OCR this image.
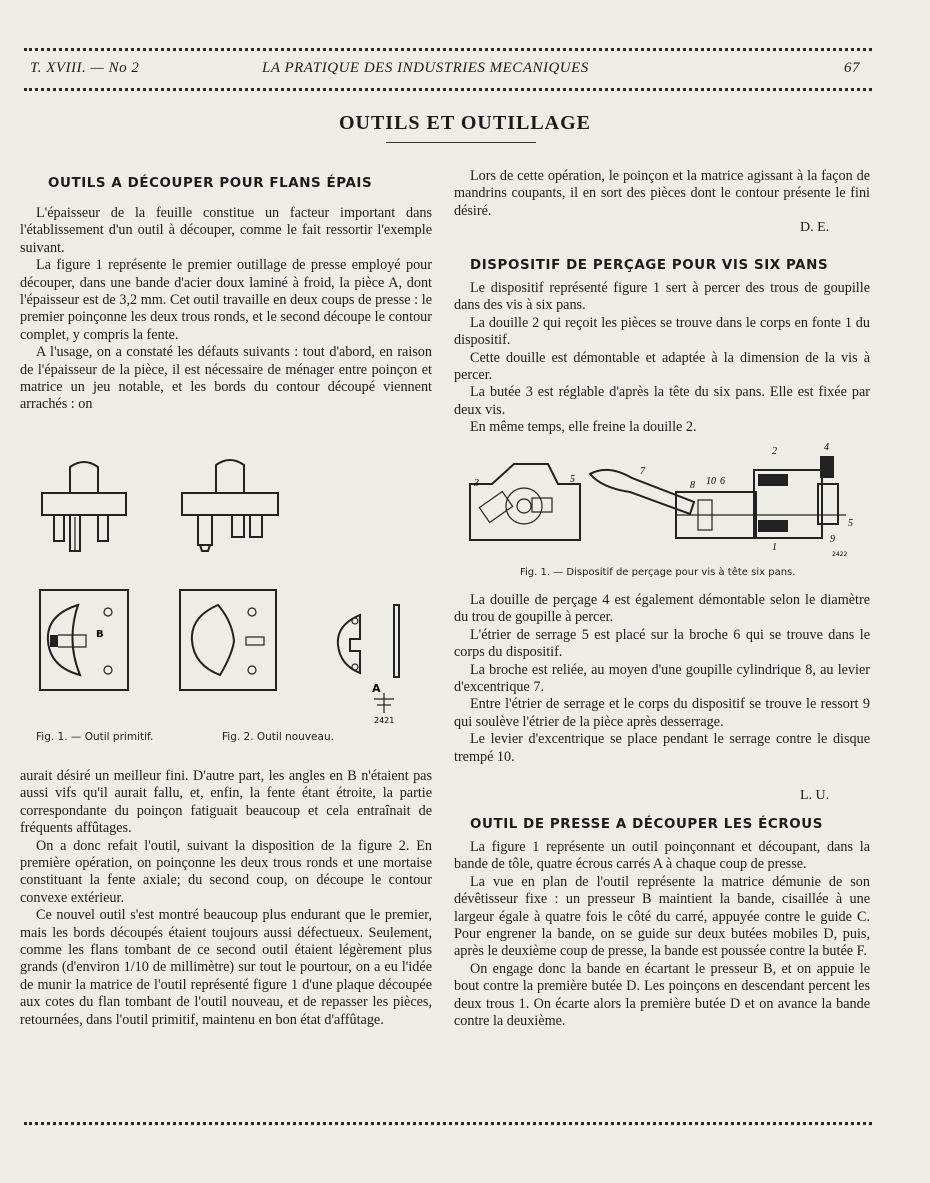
T. XVIII. — No 2	LA PRATIQUE DES INDUSTRIES MECANIQUES	67
OUTILS ET OUTILLAGE
OUTILS A DÉCOUPER POUR FLANS ÉPAIS

L'épaisseur de la feuille constitue un facteur important dans l'établissement d'un outil à découper, comme le fait ressortir l'exemple suivant.

La figure 1 représente le premier outillage de presse employé pour découper, dans une bande d'acier doux laminé à froid, la pièce A, dont l'épaisseur est de 3,2 mm. Cet outil travaille en deux coups de presse : le premier poinçonne les deux trous ronds, et le second découpe le contour complet, y compris la fente.

A l'usage, on a constaté les défauts suivants : tout d'abord, en raison de l'épaisseur de la pièce, il est nécessaire de ménager entre poinçon et matrice un jeu notable, et les bords du contour découpé viennent arrachés : on

B
A
2421
Fig. 1. — Outil primitif.	Fig. 2. Outil nouveau.

aurait désiré un meilleur fini. D'autre part, les angles en B n'étaient pas aussi vifs qu'il aurait fallu, et, enfin, la fente étant étroite, la partie correspondante du poinçon fatiguait beaucoup et cela entraînait de fréquents affûtages.

On a donc refait l'outil, suivant la disposition de la figure 2. En première opération, on poinçonne les deux trous ronds et une mortaise constituant la fente axiale; du second coup, on découpe le contour convexe extérieur.

Ce nouvel outil s'est montré beaucoup plus endurant que le premier, mais les bords découpés étaient toujours aussi défectueux. Seulement, comme les flans tombant de ce second outil étaient légèrement plus grands (d'environ 1/10 de millimètre) sur tout le pourtour, on a eu l'idée de munir la matrice de l'outil représenté figure 1 d'une plaque découpée aux cotes du flan tombant de l'outil nouveau, et de repasser les pièces, retournées, dans l'outil primitif, maintenu en bon état d'affûtage.

Lors de cette opération, le poinçon et la matrice agissant à la façon de mandrins coupants, il en sort des pièces dont le contour présente le fini désiré.

D. E.
DISPOSITIF DE PERÇAGE POUR VIS SIX PANS

Le dispositif représenté figure 1 sert à percer des trous de goupille dans des vis à six pans.

La douille 2 qui reçoit les pièces se trouve dans le corps en fonte 1 du dispositif.

Cette douille est démontable et adaptée à la dimension de la vis à percer.

La butée 3 est réglable d'après la tête du six pans. Elle est fixée par deux vis.

En même temps, elle freine la douille 2.

3	5
7
8 10 6
2	4
5
9
1
2422
Fig. 1. — Dispositif de perçage pour vis à tête six pans.

La douille de perçage 4 est également démontable selon le diamètre du trou de goupille à percer.

L'étrier de serrage 5 est placé sur la broche 6 qui se trouve dans le corps du dispositif.

La broche est reliée, au moyen d'une goupille cylindrique 8, au levier d'excentrique 7.

Entre l'étrier de serrage et le corps du dispositif se trouve le ressort 9 qui soulève l'étrier de la pièce après desserrage.

Le levier d'excentrique se place pendant le serrage contre le disque trempé 10.

L. U.
OUTIL DE PRESSE A DÉCOUPER LES ÉCROUS

La figure 1 représente un outil poinçonnant et découpant, dans la bande de tôle, quatre écrous carrés A à chaque coup de presse.

La vue en plan de l'outil représente la matrice démunie de son dévêtisseur fixe : un presseur B maintient la bande, cisaillée à une largeur égale à quatre fois le côté du carré, appuyée contre le guide C. Pour engrener la bande, on se guide sur deux butées mobiles D, puis, après le deuxième coup de presse, la bande est poussée contre la butée F.

On engage donc la bande en écartant le presseur B, et on appuie le bout contre la première butée D. Les poinçons en descendant percent les deux trous 1. On écarte alors la première butée D et on avance la bande contre la deuxième.
